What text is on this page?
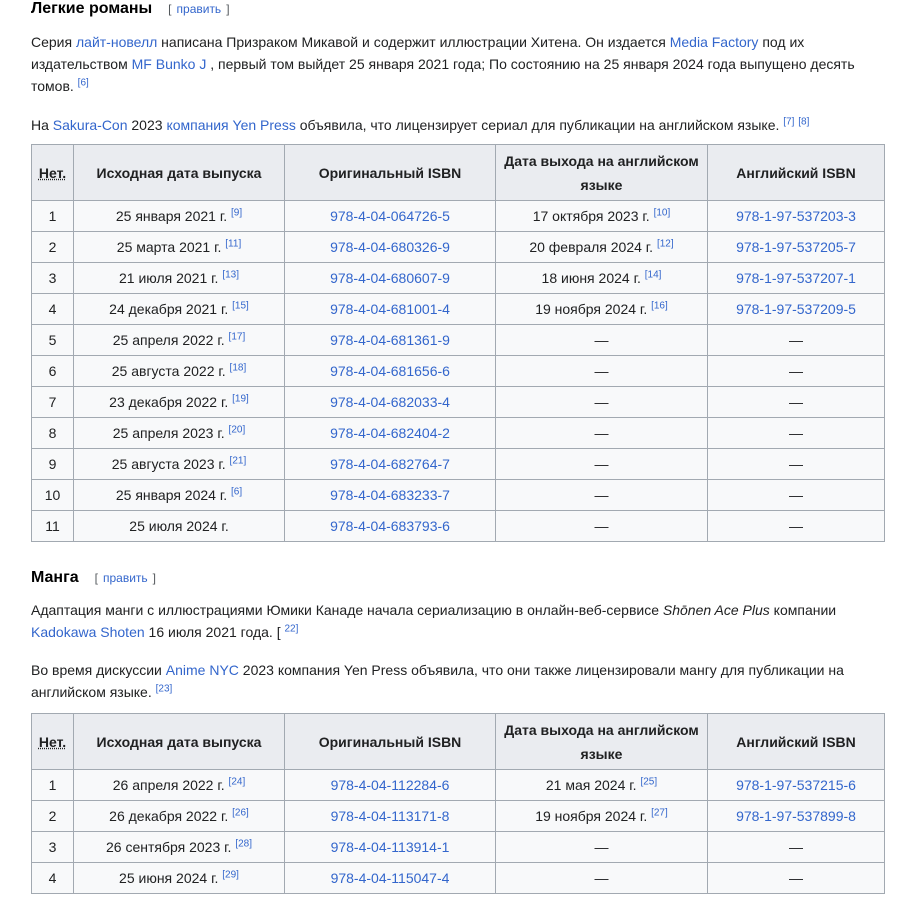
Легкие романы [ править ]

Серия лайт-новелл написана Призраком Микавой и содержит иллюстрации Хитена. Он издается Media Factory под их издательством MF Bunko J , первый том выйдет 25 января 2021 года; По состоянию на 25 января 2024 года выпущено десять томов. [6]

На Sakura-Con 2023 компания Yen Press объявила, что лицензирует сериал для публикации на английском языке. [7] [8]

Нет.	Исходная дата выпуска	Оригинальный ISBN	Дата выхода на английском языке	Английский ISBN
1	25 января 2021 г. [9]	978-4-04-064726-5	17 октября 2023 г. [10]	978-1-97-537203-3
2	25 марта 2021 г. [11]	978-4-04-680326-9	20 февраля 2024 г. [12]	978-1-97-537205-7
3	21 июля 2021 г. [13]	978-4-04-680607-9	18 июня 2024 г. [14]	978-1-97-537207-1
4	24 декабря 2021 г. [15]	978-4-04-681001-4	19 ноября 2024 г. [16]	978-1-97-537209-5
5	25 апреля 2022 г. [17]	978-4-04-681361-9	—	—
6	25 августа 2022 г. [18]	978-4-04-681656-6	—	—
7	23 декабря 2022 г. [19]	978-4-04-682033-4	—	—
8	25 апреля 2023 г. [20]	978-4-04-682404-2	—	—
9	25 августа 2023 г. [21]	978-4-04-682764-7	—	—
10	25 января 2024 г. [6]	978-4-04-683233-7	—	—
11	25 июля 2024 г.	978-4-04-683793-6	—	—
Манга [ править ]

Адаптация манги с иллюстрациями Юмики Канаде начала сериализацию в онлайн-веб-сервисе Shōnen Ace Plus компании Kadokawa Shoten 16 июля 2021 года. [ $^{22]}$

Во время дискуссии Anime NYC 2023 компания Yen Press объявила, что они также лицензировали мангу для публикации на английском языке. [23]

Нет.	Исходная дата выпуска	Оригинальный ISBN	Дата выхода на английском языке	Английский ISBN
1	26 апреля 2022 г. [24]	978-4-04-112284-6	21 мая 2024 г. [25]	978-1-97-537215-6
2	26 декабря 2022 г. [26]	978-4-04-113171-8	19 ноября 2024 г. [27]	978-1-97-537899-8
3	26 сентября 2023 г. [28]	978-4-04-113914-1	—	—
4	25 июня 2024 г. [29]	978-4-04-115047-4	—	—
